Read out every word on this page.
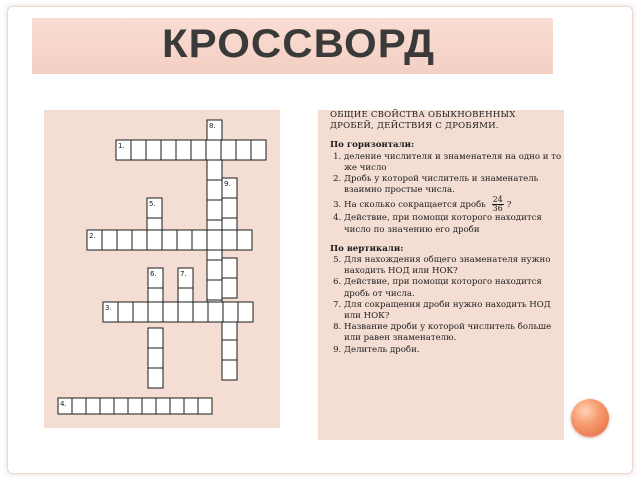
КРОССВОРД
1.
8.
9.
5.
2.
6.	7.
3.
4.
ОБЩИЕ СВОЙСТВА ОБЫКНОВЕННЫХ
ДРОБЕЙ, ДЕЙСТВИЯ С ДРОБЯМИ.
По горизонтали:
1. деление числителя и знаменателя на одно и то же число
2. Дробь у которой числитель и знаменатель взаимно простые числа.
3. На сколько сокращается дробь $\frac{24}{36}$ ?
4. Действие, при помощи которого находится число по значению его дроби
По вертикали:
5. Для нахождения общего знаменателя нужно находить НОД или НОК?
6. Действие, при помощи которого находится дробь от числа.
7. Для сокращения дроби нужно находить НОД или НОК?
8. Название дроби у которой числитель больше или равен знаменателю.
9. Делитель дроби.
